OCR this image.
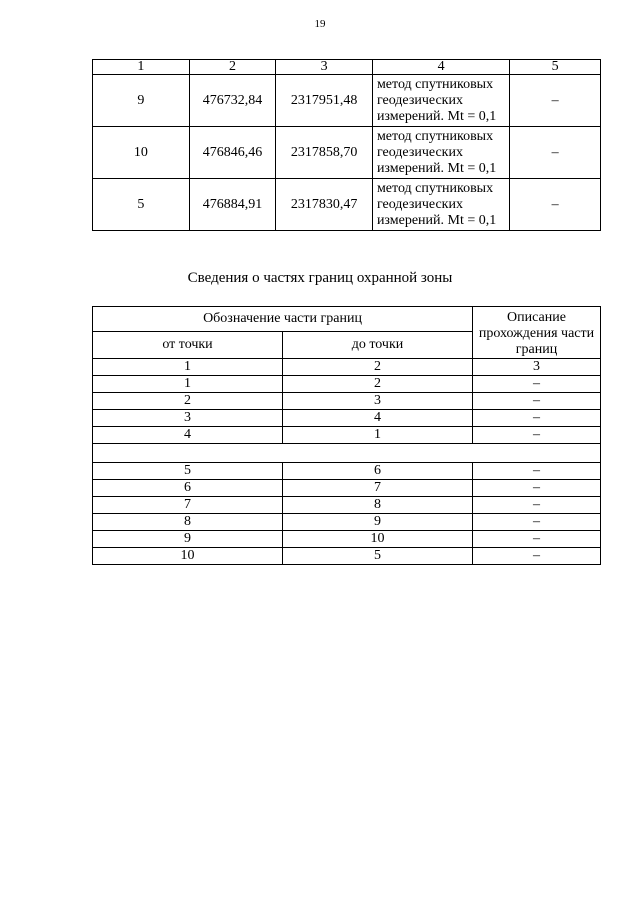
19
1	2	3	4	5
9	476732,84	2317951,48	метод спутниковых геодезических измерений. Mt = 0,1	–
10	476846,46	2317858,70	метод спутниковых геодезических измерений. Mt = 0,1	–
5	476884,91	2317830,47	метод спутниковых геодезических измерений. Mt = 0,1	–
Сведения о частях границ охранной зоны
Обозначение части границ		Описание прохождения части границ
от точки	до точки	
1	2	3
1	2	–
2	3	–
3	4	–
4	1	–

5	6	–
6	7	–
7	8	–
8	9	–
9	10	–
10	5	–
